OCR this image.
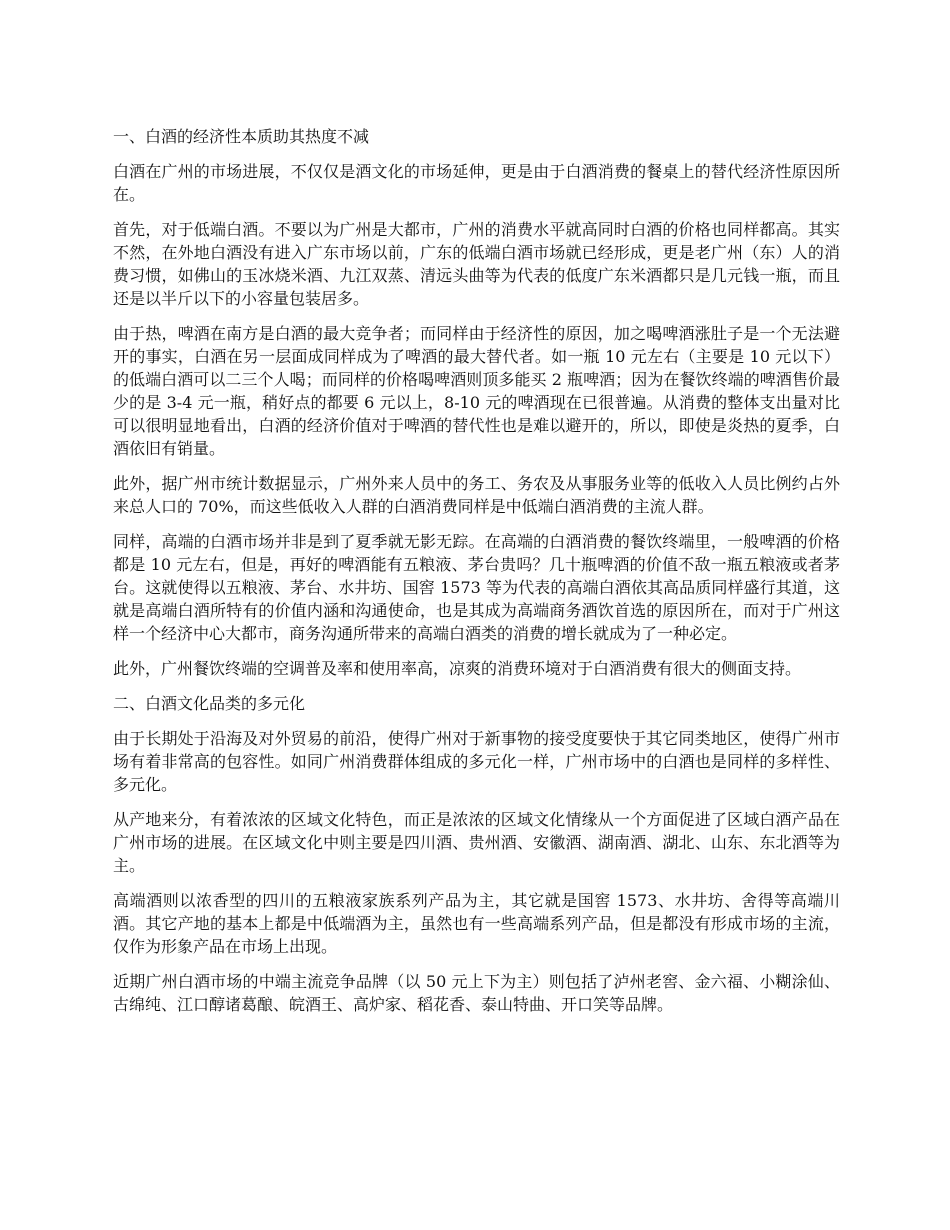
一、白酒的经济性本质助其热度不减

白酒在广州的市场进展，不仅仅是酒文化的市场延伸，更是由于白酒消费的餐桌上的替代经济性原因所在。

首先，对于低端白酒。不要以为广州是大都市，广州的消费水平就高同时白酒的价格也同样都高。其实不然，在外地白酒没有进入广东市场以前，广东的低端白酒市场就已经形成，更是老广州（东）人的消费习惯，如佛山的玉冰烧米酒、九江双蒸、清远头曲等为代表的低度广东米酒都只是几元钱一瓶，而且还是以半斤以下的小容量包装居多。

由于热，啤酒在南方是白酒的最大竞争者；而同样由于经济性的原因，加之喝啤酒涨肚子是一个无法避开的事实，白酒在另一层面成同样成为了啤酒的最大替代者。如一瓶 10 元左右（主要是 10 元以下）的低端白酒可以二三个人喝；而同样的价格喝啤酒则顶多能买 2 瓶啤酒；因为在餐饮终端的啤酒售价最少的是 3-4 元一瓶，稍好点的都要 6 元以上，8-10 元的啤酒现在已很普遍。从消费的整体支出量对比可以很明显地看出，白酒的经济价值对于啤酒的替代性也是难以避开的，所以，即使是炎热的夏季，白酒依旧有销量。

此外，据广州市统计数据显示，广州外来人员中的务工、务农及从事服务业等的低收入人员比例约占外来总人口的 70%，而这些低收入人群的白酒消费同样是中低端白酒消费的主流人群。

同样，高端的白酒市场并非是到了夏季就无影无踪。在高端的白酒消费的餐饮终端里，一般啤酒的价格都是 10 元左右，但是，再好的啤酒能有五粮液、茅台贵吗？几十瓶啤酒的价值不敌一瓶五粮液或者茅台。这就使得以五粮液、茅台、水井坊、国窖 1573 等为代表的高端白酒依其高品质同样盛行其道，这就是高端白酒所特有的价值内涵和沟通使命，也是其成为高端商务酒饮首选的原因所在，而对于广州这样一个经济中心大都市，商务沟通所带来的高端白酒类的消费的增长就成为了一种必定。

此外，广州餐饮终端的空调普及率和使用率高，凉爽的消费环境对于白酒消费有很大的侧面支持。

二、白酒文化品类的多元化

由于长期处于沿海及对外贸易的前沿，使得广州对于新事物的接受度要快于其它同类地区，使得广州市场有着非常高的包容性。如同广州消费群体组成的多元化一样，广州市场中的白酒也是同样的多样性、多元化。

从产地来分，有着浓浓的区域文化特色，而正是浓浓的区域文化情缘从一个方面促进了区域白酒产品在广州市场的进展。在区域文化中则主要是四川酒、贵州酒、安徽酒、湖南酒、湖北、山东、东北酒等为主。

高端酒则以浓香型的四川的五粮液家族系列产品为主，其它就是国窖 1573、水井坊、舍得等高端川酒。其它产地的基本上都是中低端酒为主，虽然也有一些高端系列产品，但是都没有形成市场的主流，仅作为形象产品在市场上出现。

近期广州白酒市场的中端主流竞争品牌（以 50 元上下为主）则包括了泸州老窖、金六福、小糊涂仙、古绵纯、江口醇诸葛酿、皖酒王、高炉家、稻花香、泰山特曲、开口笑等品牌。
